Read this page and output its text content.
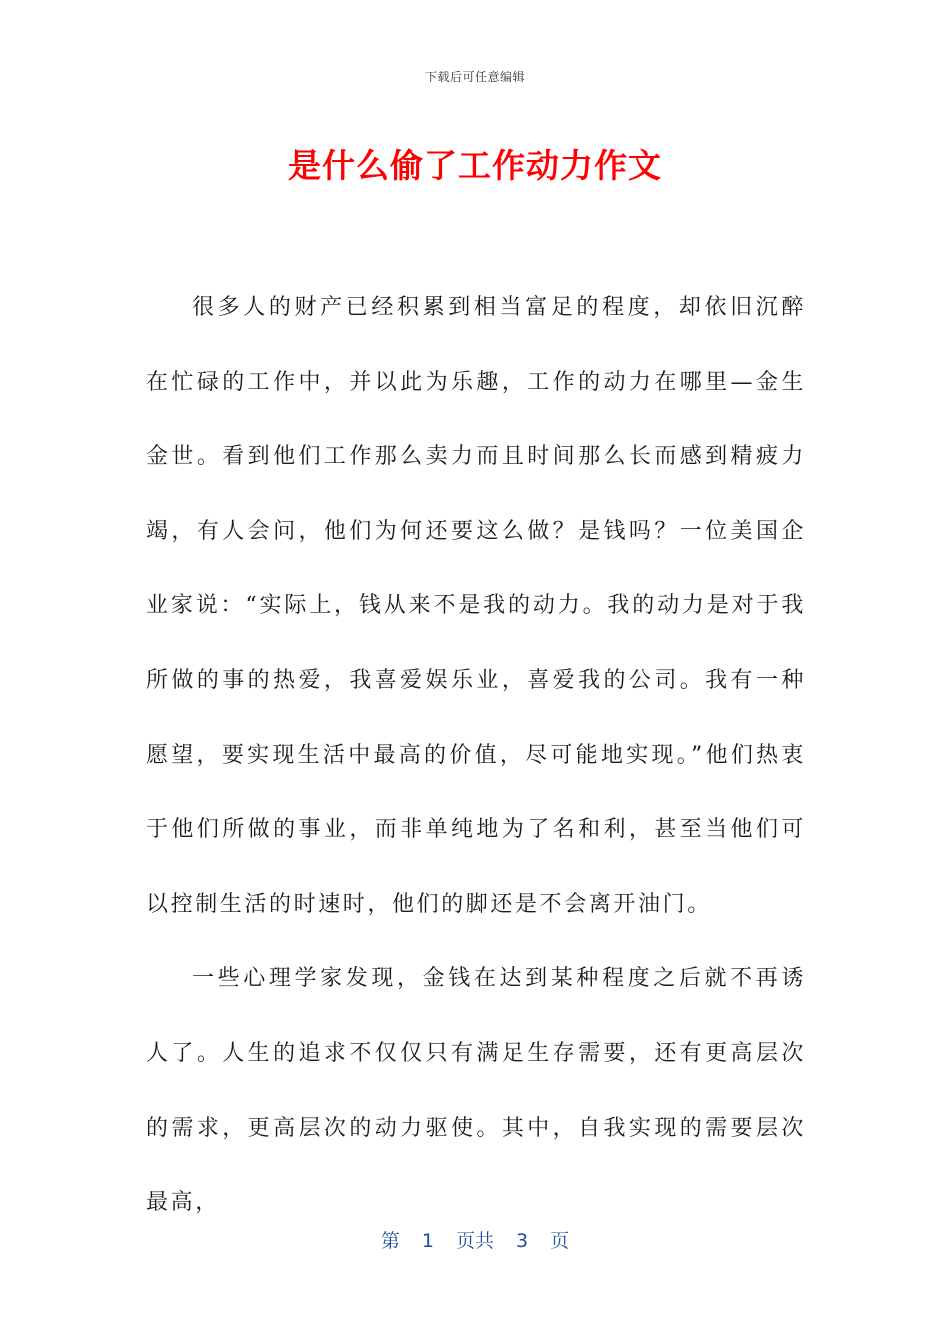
下载后可任意编辑
是什么偷了工作动力作文

很多人的财产已经积累到相当富足的程度，却依旧沉醉在忙碌的工作中，并以此为乐趣，工作的动力在哪里—金生金世。看到他们工作那么卖力而且时间那么长而感到精疲力竭，有人会问，他们为何还要这么做？是钱吗？一位美国企业家说：“实际上，钱从来不是我的动力。我的动力是对于我所做的事的热爱，我喜爱娱乐业，喜爱我的公司。我有一种愿望，要实现生活中最高的价值，尽可能地实现。”他们热衷于他们所做的事业，而非单纯地为了名和利，甚至当他们可以控制生活的时速时，他们的脚还是不会离开油门。

一些心理学家发现，金钱在达到某种程度之后就不再诱人了。人生的追求不仅仅只有满足生存需要，还有更高层次的需求，更高层次的动力驱使。其中，自我实现的需要层次最高，

第 1 页共 3 页
